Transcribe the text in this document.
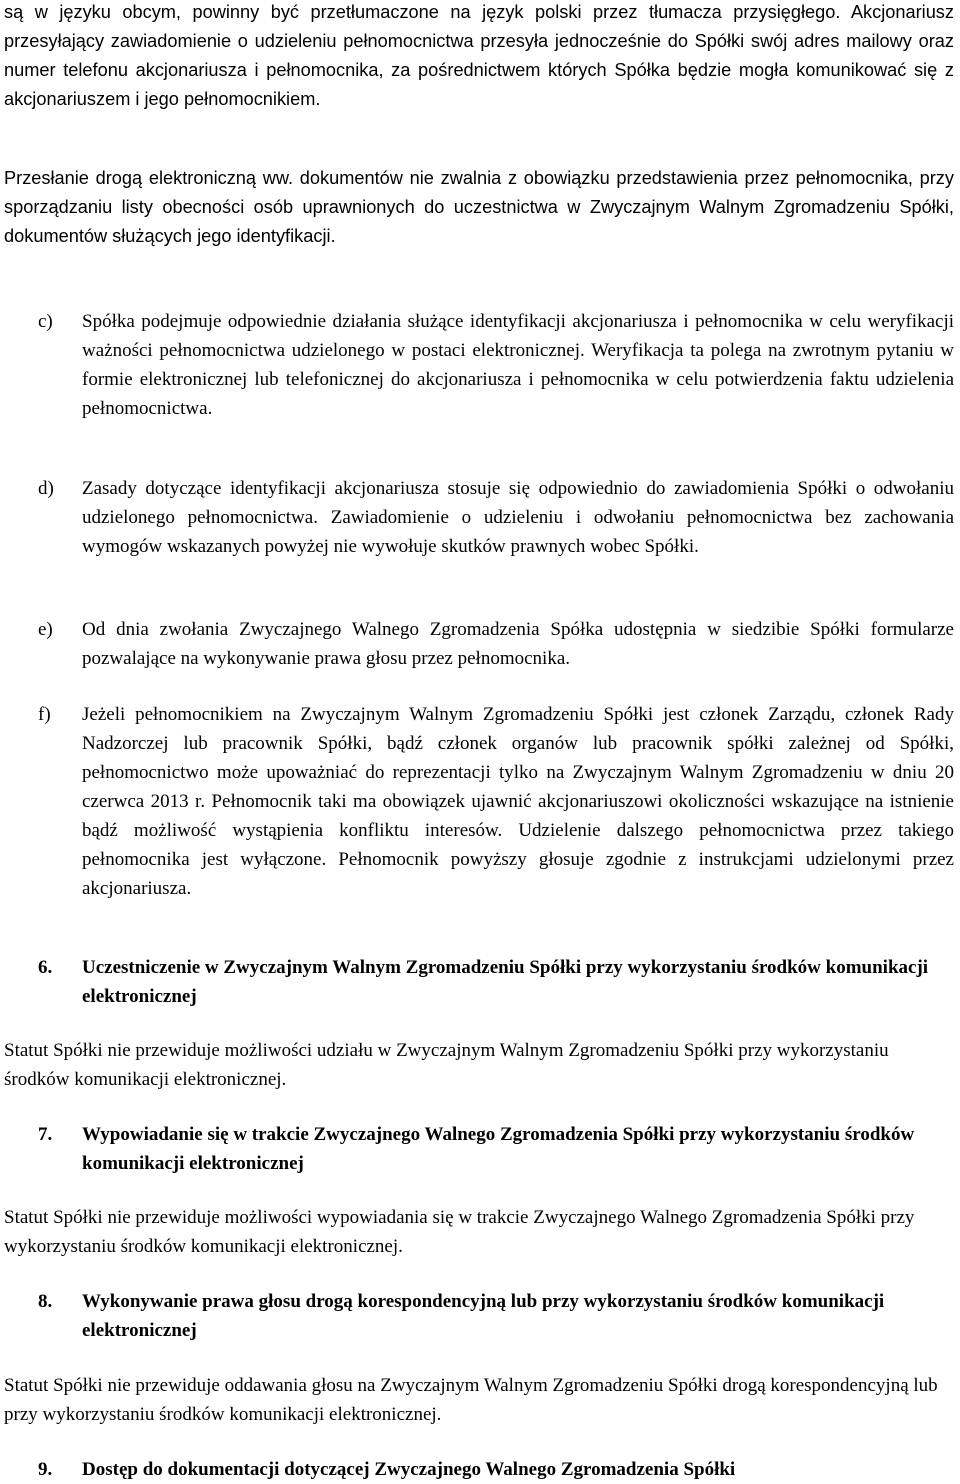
są w języku obcym, powinny być przetłumaczone na język polski przez tłumacza przysięgłego. Akcjonariusz przesyłający zawiadomienie o udzieleniu pełnomocnictwa przesyła jednocześnie do Spółki swój adres mailowy oraz numer telefonu akcjonariusza i pełnomocnika, za pośrednictwem których Spółka będzie mogła komunikować się z akcjonariuszem i jego pełnomocnikiem.
Przesłanie drogą elektroniczną ww. dokumentów nie zwalnia z obowiązku przedstawienia przez pełnomocnika, przy sporządzaniu listy obecności osób uprawnionych do uczestnictwa w Zwyczajnym Walnym Zgromadzeniu Spółki, dokumentów służących jego identyfikacji.
c)	Spółka podejmuje odpowiednie działania służące identyfikacji akcjonariusza i pełnomocnika w celu weryfikacji ważności pełnomocnictwa udzielonego w postaci elektronicznej. Weryfikacja ta polega na zwrotnym pytaniu w formie elektronicznej lub telefonicznej do akcjonariusza i pełnomocnika w celu potwierdzenia faktu udzielenia pełnomocnictwa.
d)	Zasady dotyczące identyfikacji akcjonariusza stosuje się odpowiednio do zawiadomienia Spółki o odwołaniu udzielonego pełnomocnictwa. Zawiadomienie o udzieleniu i odwołaniu pełnomocnictwa bez zachowania wymogów wskazanych powyżej nie wywołuje skutków prawnych wobec Spółki.
e)	Od dnia zwołania Zwyczajnego Walnego Zgromadzenia Spółka udostępnia w siedzibie Spółki formularze pozwalające na wykonywanie prawa głosu przez pełnomocnika.
f)	Jeżeli pełnomocnikiem na Zwyczajnym Walnym Zgromadzeniu Spółki jest członek Zarządu, członek Rady Nadzorczej lub pracownik Spółki, bądź członek organów lub pracownik spółki zależnej od Spółki, pełnomocnictwo może upoważniać do reprezentacji tylko na Zwyczajnym Walnym Zgromadzeniu w dniu 20 czerwca 2013 r. Pełnomocnik taki ma obowiązek ujawnić akcjonariuszowi okoliczności wskazujące na istnienie bądź możliwość wystąpienia konfliktu interesów. Udzielenie dalszego pełnomocnictwa przez takiego pełnomocnika jest wyłączone. Pełnomocnik powyższy głosuje zgodnie z instrukcjami udzielonymi przez akcjonariusza.
6. Uczestniczenie w Zwyczajnym Walnym Zgromadzeniu Spółki przy wykorzystaniu środków komunikacji elektronicznej
Statut Spółki nie przewiduje możliwości udziału w Zwyczajnym Walnym Zgromadzeniu Spółki przy wykorzystaniu środków komunikacji elektronicznej.
7. Wypowiadanie się w trakcie Zwyczajnego Walnego Zgromadzenia Spółki przy wykorzystaniu środków komunikacji elektronicznej
Statut Spółki nie przewiduje możliwości wypowiadania się w trakcie Zwyczajnego Walnego Zgromadzenia Spółki przy wykorzystaniu środków komunikacji elektronicznej.
8. Wykonywanie prawa głosu drogą korespondencyjną lub przy wykorzystaniu środków komunikacji elektronicznej
Statut Spółki nie przewiduje oddawania głosu na Zwyczajnym Walnym Zgromadzeniu Spółki drogą korespondencyjną lub przy wykorzystaniu środków komunikacji elektronicznej.
9. Dostęp do dokumentacji dotyczącej Zwyczajnego Walnego Zgromadzenia Spółki
